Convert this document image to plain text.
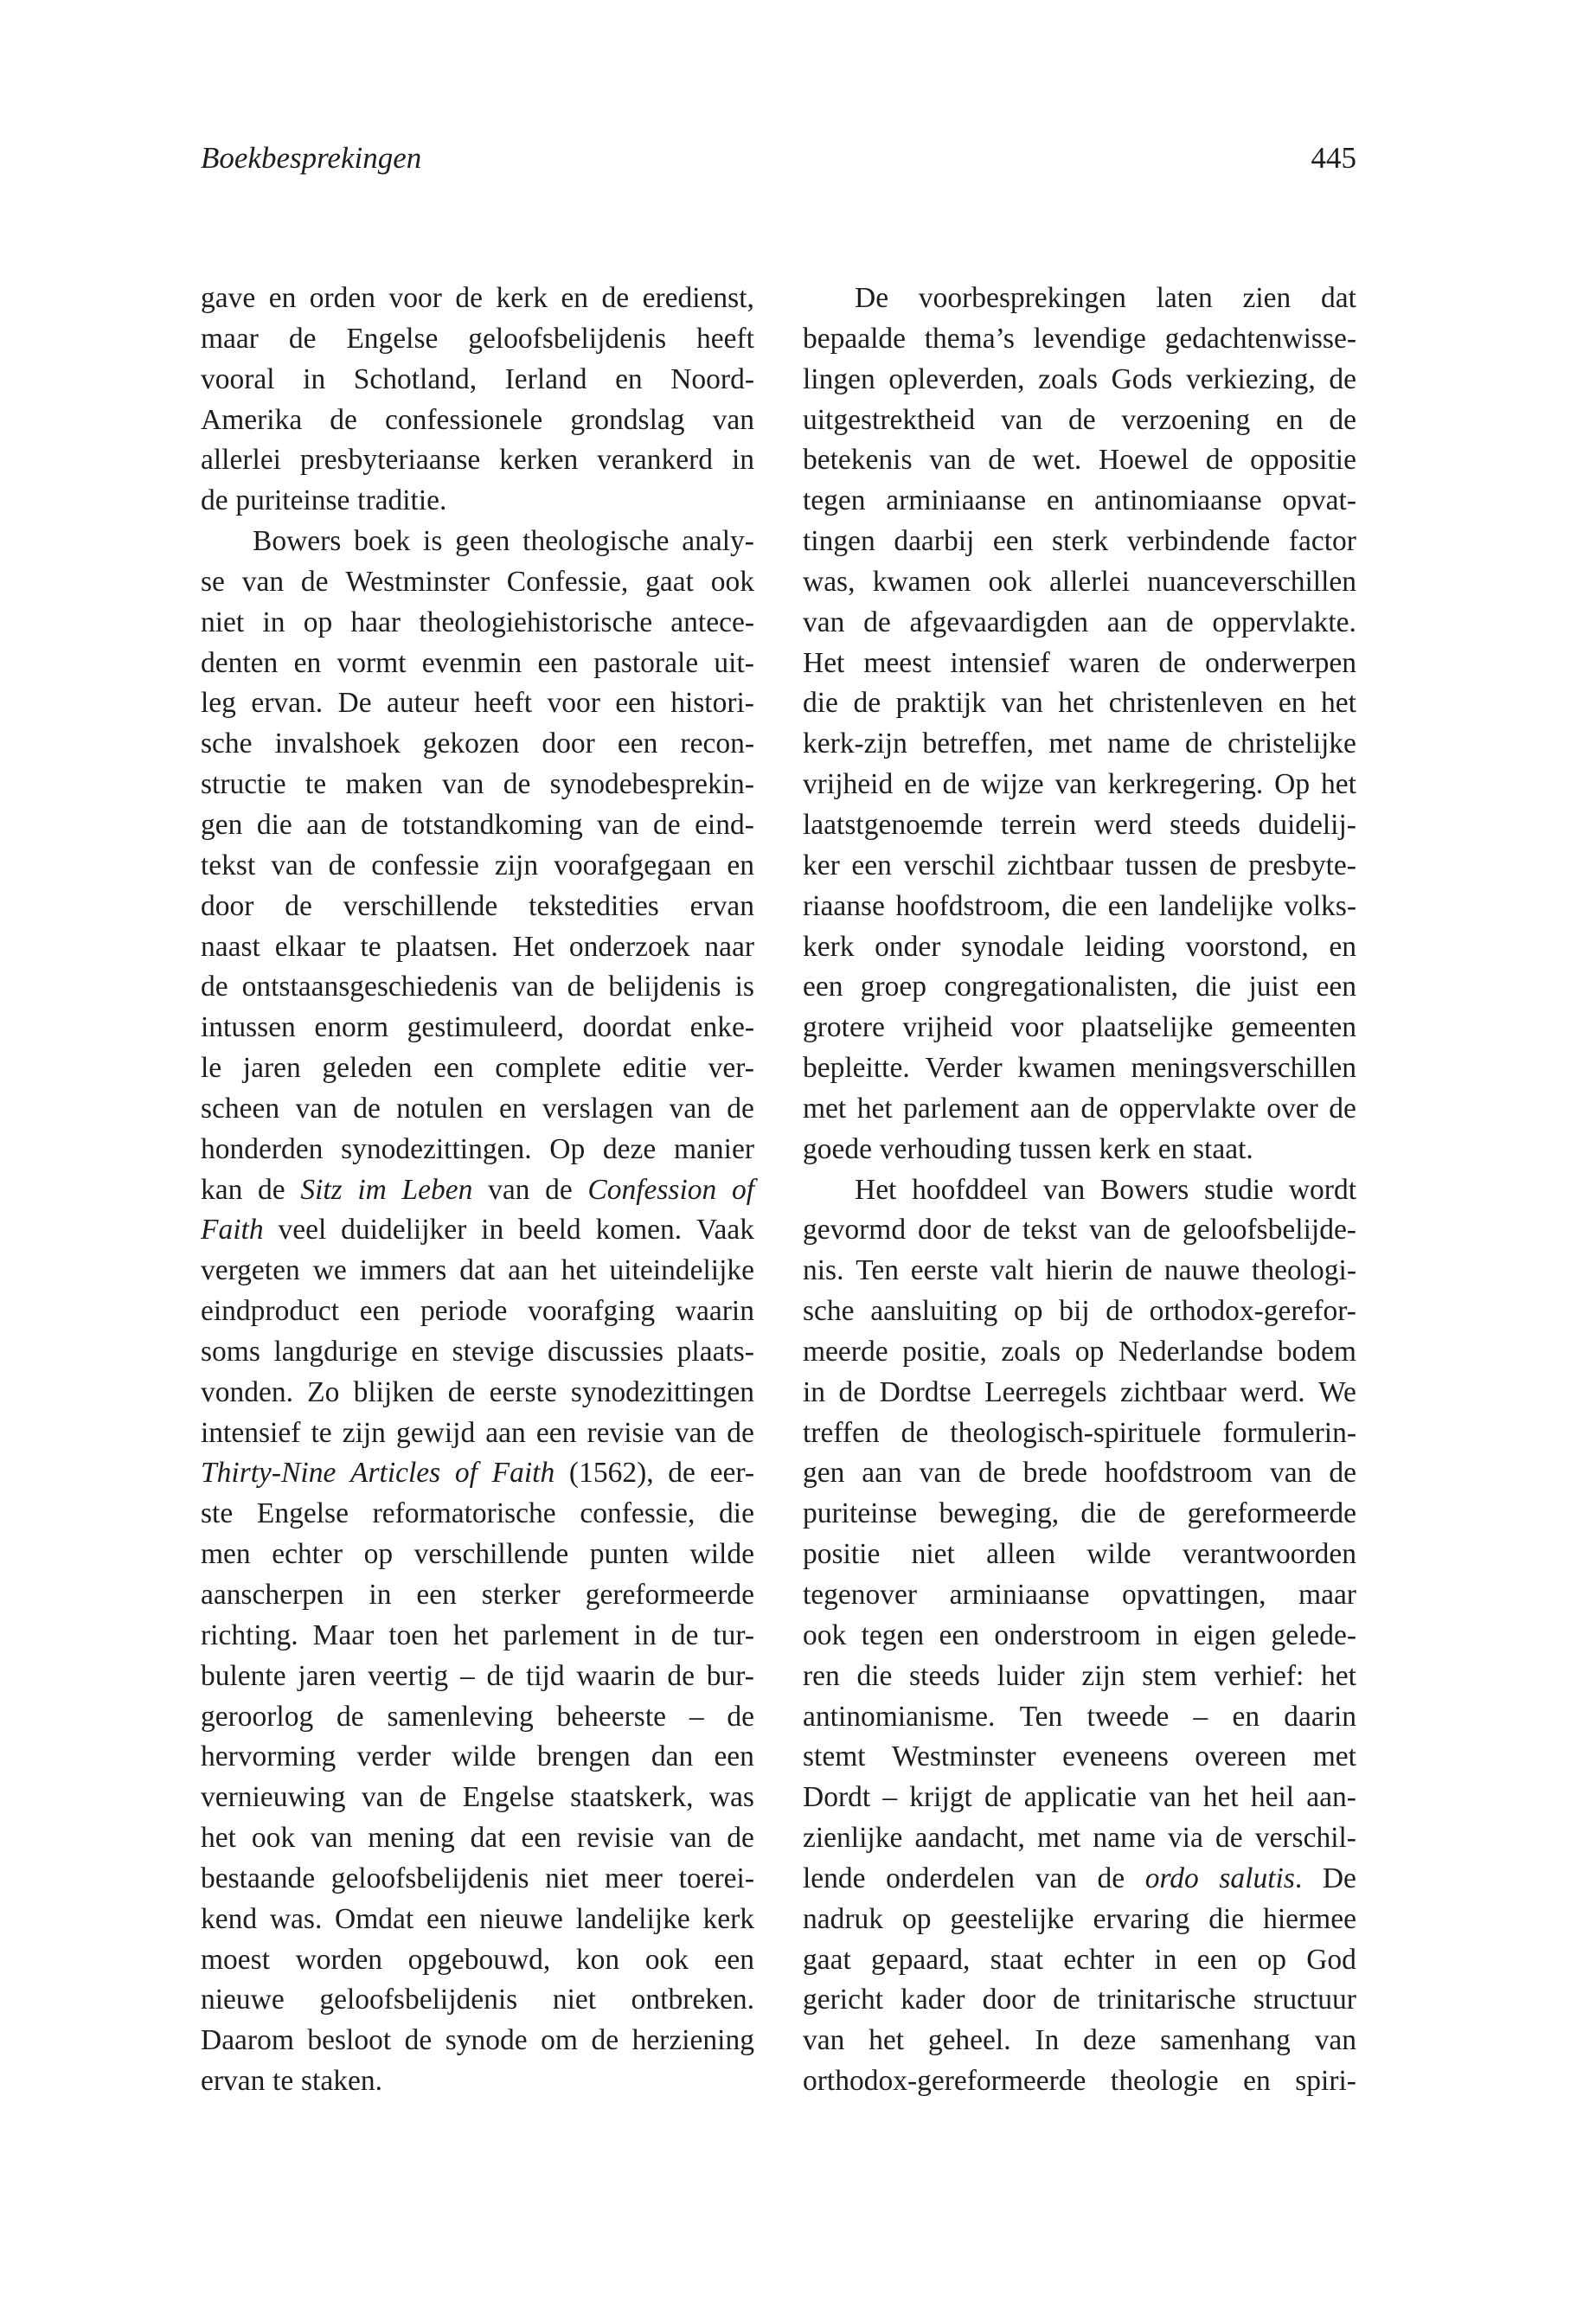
Boekbesprekingen	445
gave en orden voor de kerk en de eredienst,
maar de Engelse geloofsbelijdenis heeft
vooral in Schotland, Ierland en Noord-
Amerika de confessionele grondslag van
allerlei presbyteriaanse kerken verankerd in
de puriteinse traditie.
Bowers boek is geen theologische analy-
se van de Westminster Confessie, gaat ook
niet in op haar theologiehistorische antece-
denten en vormt evenmin een pastorale uit-
leg ervan. De auteur heeft voor een histori-
sche invalshoek gekozen door een recon-
structie te maken van de synodebesprekin-
gen die aan de totstandkoming van de eind-
tekst van de confessie zijn voorafgegaan en
door de verschillende tekstedities ervan
naast elkaar te plaatsen. Het onderzoek naar
de ontstaansgeschiedenis van de belijdenis is
intussen enorm gestimuleerd, doordat enke-
le jaren geleden een complete editie ver-
scheen van de notulen en verslagen van de
honderden synodezittingen. Op deze manier
kan de Sitz im Leben van de Confession of
Faith veel duidelijker in beeld komen. Vaak
vergeten we immers dat aan het uiteindelijke
eindproduct een periode voorafging waarin
soms langdurige en stevige discussies plaats-
vonden. Zo blijken de eerste synodezittingen
intensief te zijn gewijd aan een revisie van de
Thirty-Nine Articles of Faith (1562), de eer-
ste Engelse reformatorische confessie, die
men echter op verschillende punten wilde
aanscherpen in een sterker gereformeerde
richting. Maar toen het parlement in de tur-
bulente jaren veertig – de tijd waarin de bur-
geroorlog de samenleving beheerste – de
hervorming verder wilde brengen dan een
vernieuwing van de Engelse staatskerk, was
het ook van mening dat een revisie van de
bestaande geloofsbelijdenis niet meer toerei-
kend was. Omdat een nieuwe landelijke kerk
moest worden opgebouwd, kon ook een
nieuwe geloofsbelijdenis niet ontbreken.
Daarom besloot de synode om de herziening
ervan te staken.
De voorbesprekingen laten zien dat
bepaalde thema’s levendige gedachtenwisse-
lingen opleverden, zoals Gods verkiezing, de
uitgestrektheid van de verzoening en de
betekenis van de wet. Hoewel de oppositie
tegen arminiaanse en antinomiaanse opvat-
tingen daarbij een sterk verbindende factor
was, kwamen ook allerlei nuanceverschillen
van de afgevaardigden aan de oppervlakte.
Het meest intensief waren de onderwerpen
die de praktijk van het christenleven en het
kerk-zijn betreffen, met name de christelijke
vrijheid en de wijze van kerkregering. Op het
laatstgenoemde terrein werd steeds duidelij-
ker een verschil zichtbaar tussen de presbyte-
riaanse hoofdstroom, die een landelijke volks-
kerk onder synodale leiding voorstond, en
een groep congregationalisten, die juist een
grotere vrijheid voor plaatselijke gemeenten
bepleitte. Verder kwamen meningsverschillen
met het parlement aan de oppervlakte over de
goede verhouding tussen kerk en staat.
Het hoofddeel van Bowers studie wordt
gevormd door de tekst van de geloofsbelijde-
nis. Ten eerste valt hierin de nauwe theologi-
sche aansluiting op bij de orthodox-gerefor-
meerde positie, zoals op Nederlandse bodem
in de Dordtse Leerregels zichtbaar werd. We
treffen de theologisch-spirituele formulerin-
gen aan van de brede hoofdstroom van de
puriteinse beweging, die de gereformeerde
positie niet alleen wilde verantwoorden
tegenover arminiaanse opvattingen, maar
ook tegen een onderstroom in eigen gelede-
ren die steeds luider zijn stem verhief: het
antinomianisme. Ten tweede – en daarin
stemt Westminster eveneens overeen met
Dordt – krijgt de applicatie van het heil aan-
zienlijke aandacht, met name via de verschil-
lende onderdelen van de ordo salutis. De
nadruk op geestelijke ervaring die hiermee
gaat gepaard, staat echter in een op God
gericht kader door de trinitarische structuur
van het geheel. In deze samenhang van
orthodox-gereformeerde theologie en spiri-
